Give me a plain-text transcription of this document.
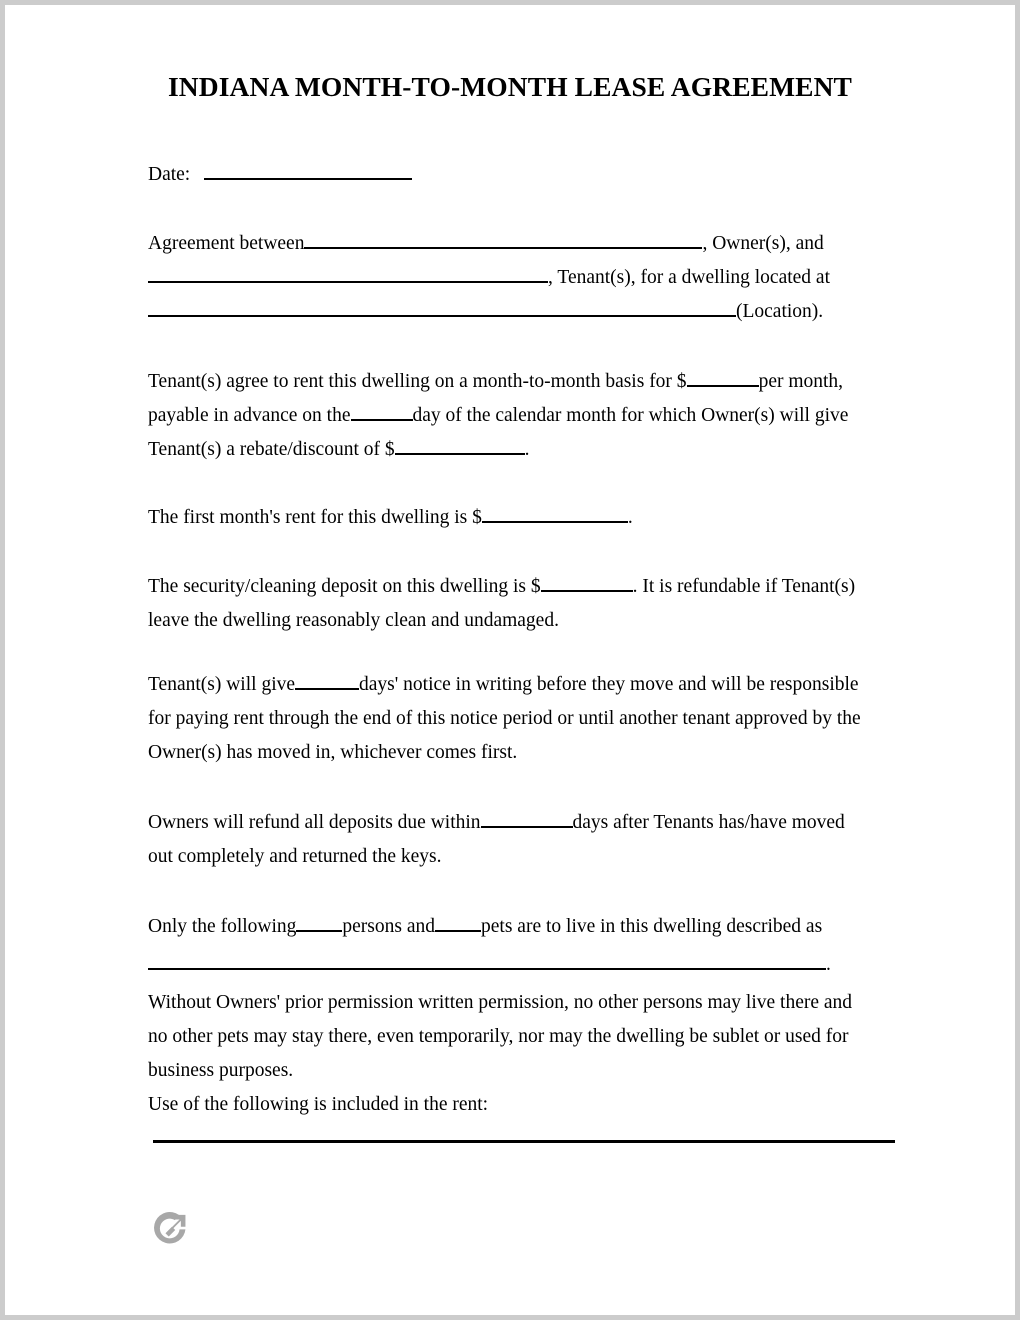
INDIANA MONTH-TO-MONTH LEASE AGREEMENT
Date:
Agreement between	, Owner(s), and
, Tenant(s), for a dwelling located at
(Location).
Tenant(s) agree to rent this dwelling on a month-to-month basis for $	per month,
payable in advance on the	day of the calendar month for which Owner(s) will give
Tenant(s) a rebate/discount of $	.
The first month's rent for this dwelling is $	.
The security/cleaning deposit on this dwelling is $	. It is refundable if Tenant(s)
leave the dwelling reasonably clean and undamaged.
Tenant(s) will give	days' notice in writing before they move and will be responsible
for paying rent through the end of this notice period or until another tenant approved by the
Owner(s) has moved in, whichever comes first.
Owners will refund all deposits due within	days after Tenants has/have moved
out completely and returned the keys.
Only the following persons and pets are to live in this dwelling described as
.
Without Owners' prior permission written permission, no other persons may live there and
no other pets may stay there, even temporarily, nor may the dwelling be sublet or used for
business purposes.
Use of the following is included in the rent:
